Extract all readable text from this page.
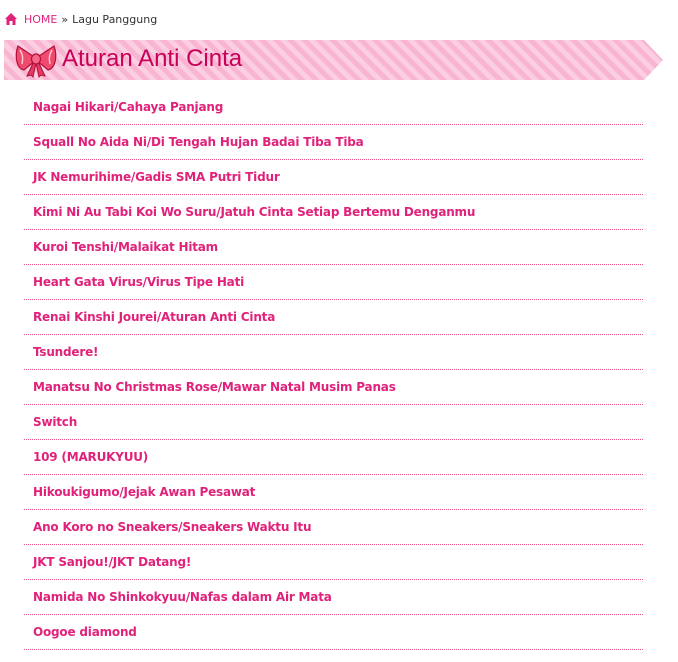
HOME » Lagu Panggung
Aturan Anti Cinta
Nagai Hikari/Cahaya Panjang
Squall No Aida Ni/Di Tengah Hujan Badai Tiba Tiba
JK Nemurihime/Gadis SMA Putri Tidur
Kimi Ni Au Tabi Koi Wo Suru/Jatuh Cinta Setiap Bertemu Denganmu
Kuroi Tenshi/Malaikat Hitam
Heart Gata Virus/Virus Tipe Hati
Renai Kinshi Jourei/Aturan Anti Cinta
Tsundere!
Manatsu No Christmas Rose/Mawar Natal Musim Panas
Switch
109 (MARUKYUU)
Hikoukigumo/Jejak Awan Pesawat
Ano Koro no Sneakers/Sneakers Waktu Itu
JKT Sanjou!/JKT Datang!
Namida No Shinkokyuu/Nafas dalam Air Mata
Oogoe diamond
